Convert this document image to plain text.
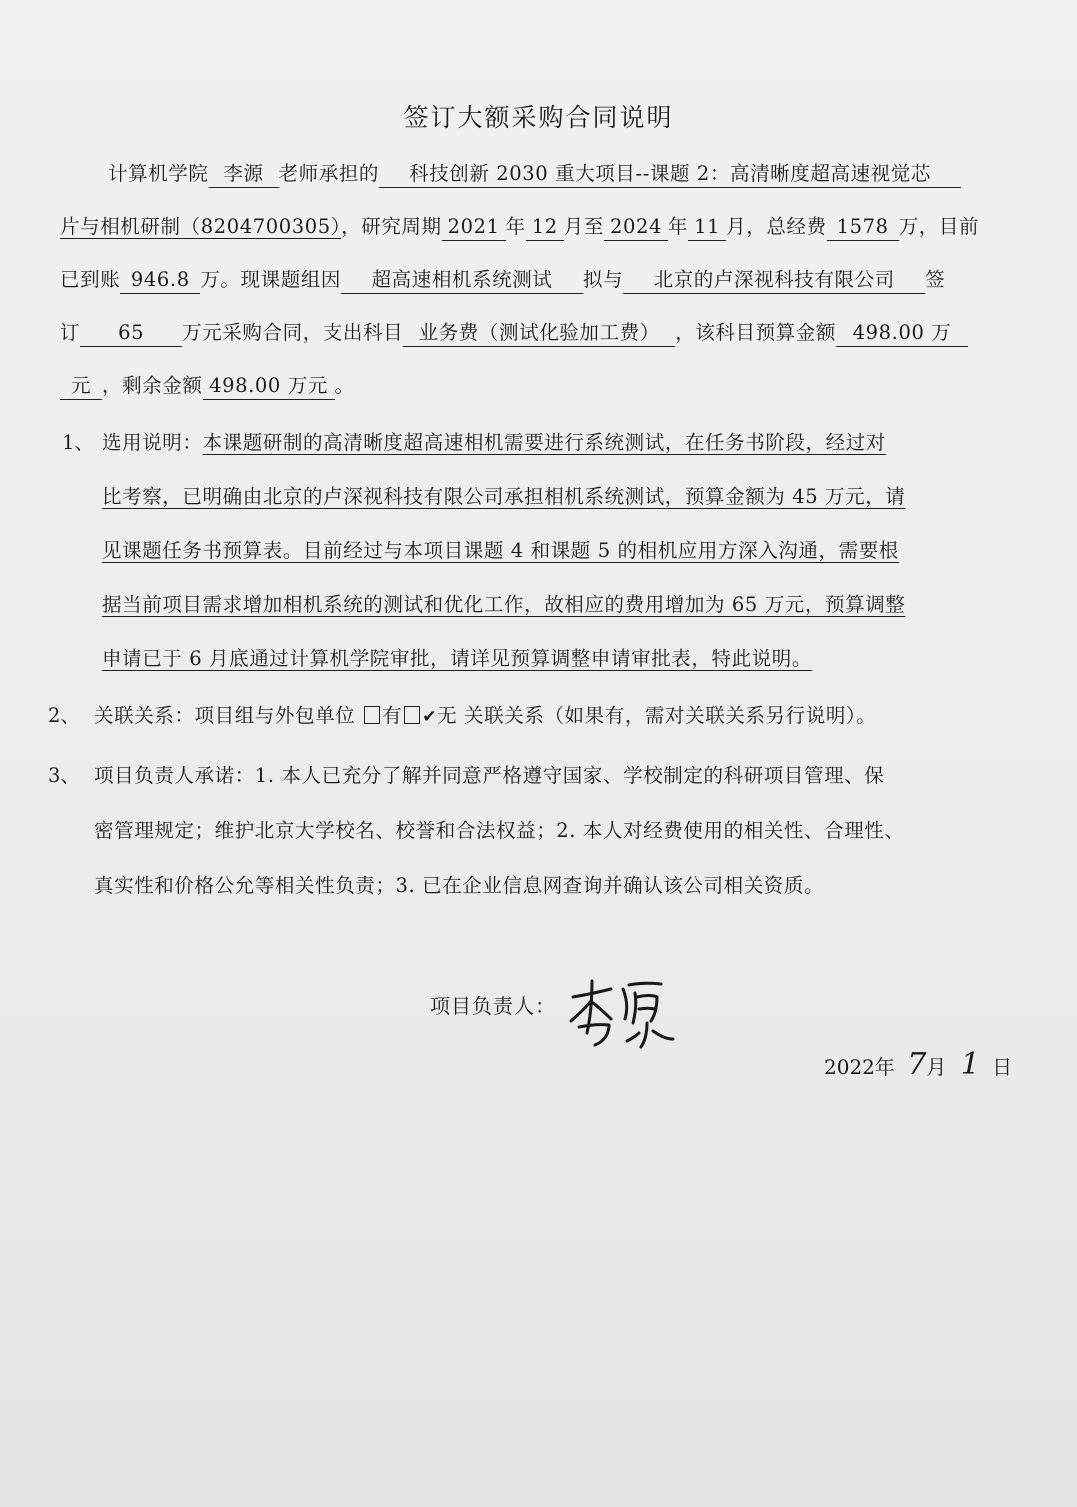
签订大额采购合同说明
计算机学院 李源 老师承担的 科技创新 2030 重大项目--课题 2：高清晰度超高速视觉芯
片与相机研制（8204700305），研究周期 2021 年 12 月至 2024 年 11 月，总经费 1578 万，目前
已到账 946.8 万。现课题组因 超高速相机系统测试 拟与 北京的卢深视科技有限公司 签
订 65 万元采购合同，支出科目 业务费（测试化验加工费） ，该科目预算金额 498.00 万
元 ，剩余金额 498.00 万元 。
1、 选用说明：本课题研制的高清晰度超高速相机需要进行系统测试，在任务书阶段，经过对
比考察，已明确由北京的卢深视科技有限公司承担相机系统测试，预算金额为 45 万元，请
见课题任务书预算表。目前经过与本项目课题 4 和课题 5 的相机应用方深入沟通，需要根
据当前项目需求增加相机系统的测试和优化工作，故相应的费用增加为 65 万元，预算调整
申请已于 6 月底通过计算机学院审批，请详见预算调整申请审批表，特此说明。
2、 关联关系：项目组与外包单位 有 ✔无 关联关系（如果有，需对关联关系另行说明）。
3、 项目负责人承诺：1. 本人已充分了解并同意严格遵守国家、学校制定的科研项目管理、保
密管理规定；维护北京大学校名、校誉和合法权益；2. 本人对经费使用的相关性、合理性、
真实性和价格公允等相关性负责；3. 已在企业信息网查询并确认该公司相关资质。
项目负责人：
2022年 7月 1 日
